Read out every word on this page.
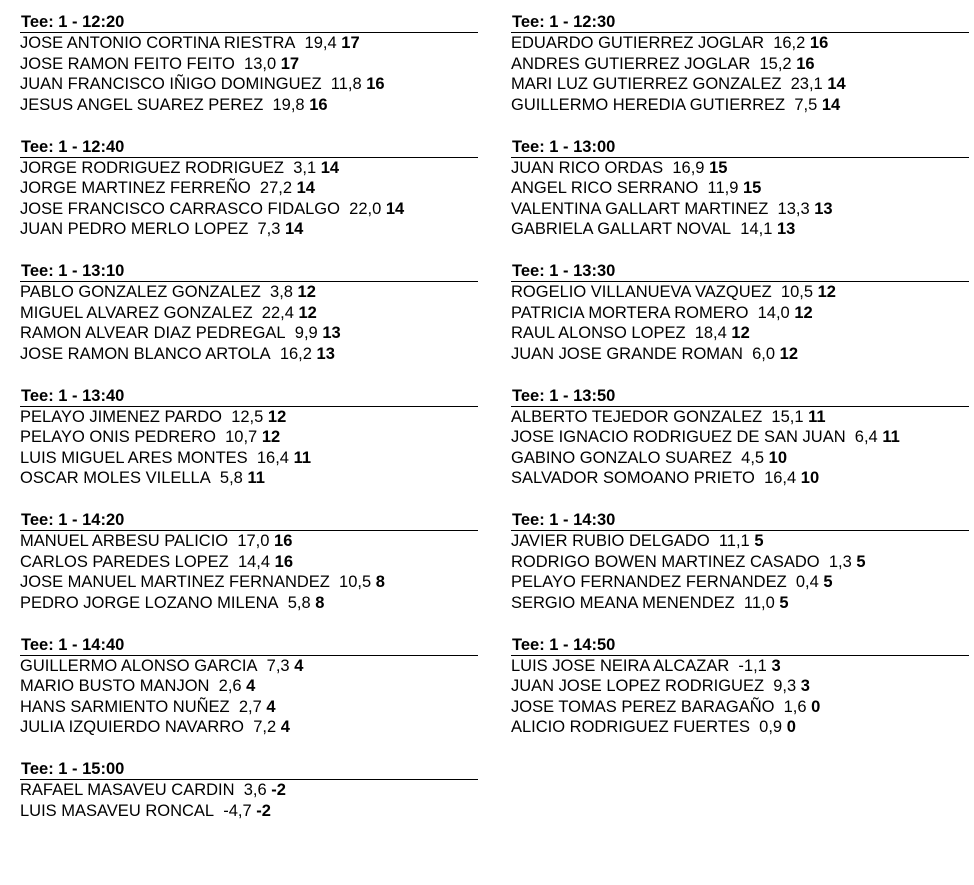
Tee: 1 - 12:20
JOSE ANTONIO CORTINA RIESTRA 19,4 17
JOSE RAMON FEITO FEITO 13,0 17
JUAN FRANCISCO IÑIGO DOMINGUEZ 11,8 16
JESUS ANGEL SUAREZ PEREZ 19,8 16
Tee: 1 - 12:40
JORGE RODRIGUEZ RODRIGUEZ 3,1 14
JORGE MARTINEZ FERREÑO 27,2 14
JOSE FRANCISCO CARRASCO FIDALGO 22,0 14
JUAN PEDRO MERLO LOPEZ 7,3 14
Tee: 1 - 13:10
PABLO GONZALEZ GONZALEZ 3,8 12
MIGUEL ALVAREZ GONZALEZ 22,4 12
RAMON ALVEAR DIAZ PEDREGAL 9,9 13
JOSE RAMON BLANCO ARTOLA 16,2 13
Tee: 1 - 13:40
PELAYO JIMENEZ PARDO 12,5 12
PELAYO ONIS PEDRERO 10,7 12
LUIS MIGUEL ARES MONTES 16,4 11
OSCAR MOLES VILELLA 5,8 11
Tee: 1 - 14:20
MANUEL ARBESU PALICIO 17,0 16
CARLOS PAREDES LOPEZ 14,4 16
JOSE MANUEL MARTINEZ FERNANDEZ 10,5 8
PEDRO JORGE LOZANO MILENA 5,8 8
Tee: 1 - 14:40
GUILLERMO ALONSO GARCIA 7,3 4
MARIO BUSTO MANJON 2,6 4
HANS SARMIENTO NUÑEZ 2,7 4
JULIA IZQUIERDO NAVARRO 7,2 4
Tee: 1 - 15:00
RAFAEL MASAVEU CARDIN 3,6 -2
LUIS MASAVEU RONCAL -4,7 -2
Tee: 1 - 12:30
EDUARDO GUTIERREZ JOGLAR 16,2 16
ANDRES GUTIERREZ JOGLAR 15,2 16
MARI LUZ GUTIERREZ GONZALEZ 23,1 14
GUILLERMO HEREDIA GUTIERREZ 7,5 14
Tee: 1 - 13:00
JUAN RICO ORDAS 16,9 15
ANGEL RICO SERRANO 11,9 15
VALENTINA GALLART MARTINEZ 13,3 13
GABRIELA GALLART NOVAL 14,1 13
Tee: 1 - 13:30
ROGELIO VILLANUEVA VAZQUEZ 10,5 12
PATRICIA MORTERA ROMERO 14,0 12
RAUL ALONSO LOPEZ 18,4 12
JUAN JOSE GRANDE ROMAN 6,0 12
Tee: 1 - 13:50
ALBERTO TEJEDOR GONZALEZ 15,1 11
JOSE IGNACIO RODRIGUEZ DE SAN JUAN 6,4 11
GABINO GONZALO SUAREZ 4,5 10
SALVADOR SOMOANO PRIETO 16,4 10
Tee: 1 - 14:30
JAVIER RUBIO DELGADO 11,1 5
RODRIGO BOWEN MARTINEZ CASADO 1,3 5
PELAYO FERNANDEZ FERNANDEZ 0,4 5
SERGIO MEANA MENENDEZ 11,0 5
Tee: 1 - 14:50
LUIS JOSE NEIRA ALCAZAR -1,1 3
JUAN JOSE LOPEZ RODRIGUEZ 9,3 3
JOSE TOMAS PEREZ BARAGAÑO 1,6 0
ALICIO RODRIGUEZ FUERTES 0,9 0
